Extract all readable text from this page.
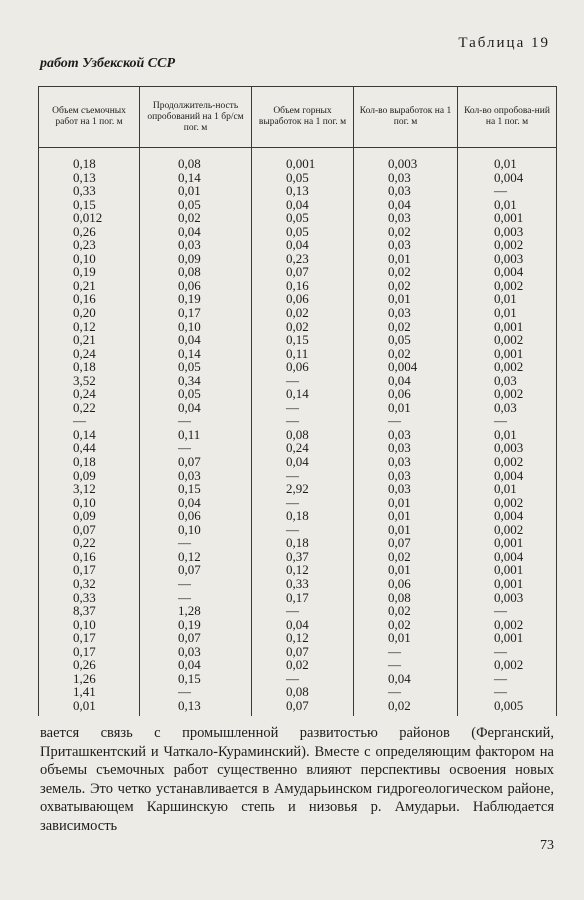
Таблица 19
работ Узбекской ССР
Объем съемочных работ на 1 пог. м	Продолжитель-ность опробований на 1 бр/см пог. м	Объем горных выработок на 1 пог. м	Кол-во выработок на 1 пог. м	Кол-во опробова-ний на 1 пог. м
0,18	0,08	0,001	0,003	0,01
0,13	0,14	0,05	0,03	0,004
0,33	0,01	0,13	0,03	—
0,15	0,05	0,04	0,04	0,01
0,012	0,02	0,05	0,03	0,001
0,26	0,04	0,05	0,02	0,003
0,23	0,03	0,04	0,03	0,002
0,10	0,09	0,23	0,01	0,003
0,19	0,08	0,07	0,02	0,004
0,21	0,06	0,16	0,02	0,002
0,16	0,19	0,06	0,01	0,01
0,20	0,17	0,02	0,03	0,01
0,12	0,10	0,02	0,02	0,001
0,21	0,04	0,15	0,05	0,002
0,24	0,14	0,11	0,02	0,001
0,18	0,05	0,06	0,004	0,002
3,52	0,34	—	0,04	0,03
0,24	0,05	0,14	0,06	0,002
0,22	0,04	—	0,01	0,03
—	—	—	—	—
0,14	0,11	0,08	0,03	0,01
0,44	—	0,24	0,03	0,003
0,18	0,07	0,04	0,03	0,002
0,09	0,03	—	0,03	0,004
3,12	0,15	2,92	0,03	0,01
0,10	0,04	—	0,01	0,002
0,09	0,06	0,18	0,01	0,004
0,07	0,10	—	0,01	0,002
0,22	—	0,18	0,07	0,001
0,16	0,12	0,37	0,02	0,004
0,17	0,07	0,12	0,01	0,001
0,32	—	0,33	0,06	0,001
0,33	—	0,17	0,08	0,003
8,37	1,28	—	0,02	—
0,10	0,19	0,04	0,02	0,002
0,17	0,07	0,12	0,01	0,001
0,17	0,03	0,07	—	—
0,26	0,04	0,02	—	0,002
1,26	0,15	—	0,04	—
1,41	—	0,08	—	—
0,01	0,13	0,07	0,02	0,005

вается связь с промышленной развитостью районов (Ферганский, Приташкентский и Чаткало-Кураминский). Вместе с определяющим фактором на объемы съемочных работ существенно влияют перспективы освоения новых земель. Это четко устанавливается в Амударьинском гидрогеологическом районе, охватывающем Каршинскую степь и низовья р. Амударьи. Наблюдается зависимость

73
